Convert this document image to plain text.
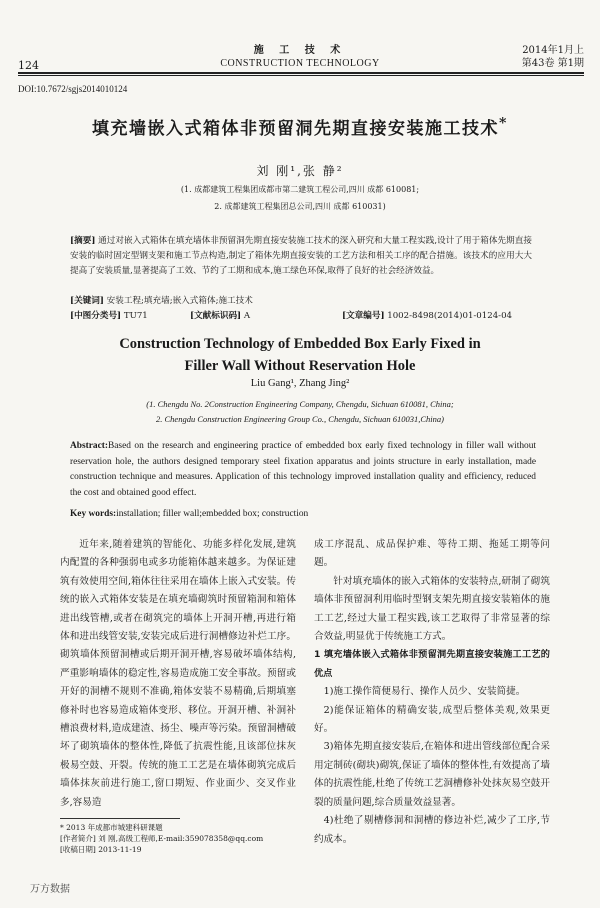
124
施 工 技 术
CONSTRUCTION TECHNOLOGY
2014年1月上
第43卷 第1期
DOI:10.7672/sgjs2014010124
填充墙嵌入式箱体非预留洞先期直接安装施工技术*
刘 刚¹,张 静²
(1. 成都建筑工程集团成都市第二建筑工程公司,四川 成都 610081;
2. 成都建筑工程集团总公司,四川 成都 610031)
[摘要] 通过对嵌入式箱体在填充墙体非预留洞先期直接安装施工技术的深入研究和大量工程实践,设计了用于箱体先期直接安装的临时固定型钢支架和施工节点构造,制定了箱体先期直接安装的工艺方法和相关工序的配合措施。该技术的应用大大提高了安装质量,显著提高了工效、节约了工期和成本,施工绿色环保,取得了良好的社会经济效益。
[关键词] 安装工程;填充墙;嵌入式箱体;施工技术
[中图分类号] TU71	[文献标识码] A	[文章编号] 1002-8498(2014)01-0124-04
Construction Technology of Embedded Box Early Fixed in
Filler Wall Without Reservation Hole
Liu Gang¹, Zhang Jing²
(1. Chengdu No. 2Construction Engineering Company, Chengdu, Sichuan 610081, China;
2. Chengdu Construction Engineering Group Co., Chengdu, Sichuan 610031,China)
Abstract:Based on the research and engineering practice of embedded box early fixed technology in filler wall without reservation hole, the authors designed temporary steel fixation apparatus and joints structure in early installation, made construction technique and measures. Application of this technology improved installation quality and efficiency, reduced the cost and obtained good effect.
Key words:installation; filler wall;embedded box; construction

近年来,随着建筑的智能化、功能多样化发展,建筑内配置的各种强弱电或多功能箱体越来越多。为保证建筑有效使用空间,箱体往往采用在墙体上嵌入式安装。传统的嵌入式箱体安装是在填充墙砌筑时预留箱洞和箱体进出线管槽,或者在砌筑完的墙体上开洞开槽,再进行箱体和进出线管安装,安装完成后进行洞槽修边补烂工序。砌筑墙体预留洞槽或后期开洞开槽,容易破坏墙体结构,严重影响墙体的稳定性,容易造成施工安全事故。预留或开好的洞槽不规则不准确,箱体安装不易精确,后期填塞修补时也容易造成箱体变形、移位。开洞开槽、补洞补槽浪费材料,造成建渣、扬尘、噪声等污染。预留洞槽破坏了砌筑墙体的整体性,降低了抗震性能,且该部位抹灰极易空鼓、开裂。传统的施工工艺是在墙体砌筑完成后墙体抹灰前进行施工,窗口期短、作业面少、交叉作业多,容易造

成工序混乱、成品保护难、等待工期、拖延工期等问题。

针对填充墙体的嵌入式箱体的安装特点,研制了砌筑墙体非预留洞利用临时型钢支架先期直接安装箱体的施工工艺,经过大量工程实践,该工艺取得了非常显著的综合效益,明显优于传统施工方式。

1 填充墙体嵌入式箱体非预留洞先期直接安装施工工艺的优点

1)施工操作简便易行、操作人员少、安装简捷。

2)能保证箱体的精确安装,成型后整体美观,效果更好。

3)箱体先期直接安装后,在箱体和进出管线部位配合采用定制砖(砌块)砌筑,保证了墙体的整体性,有效提高了墙体的抗震性能,杜绝了传统工艺洞槽修补处抹灰易空鼓开裂的质量问题,综合质量效益显著。

4)杜绝了剔槽修洞和洞槽的修边补烂,减少了工序,节约成本。

* 2013 年成都市城建科研课题
[作者简介] 刘 刚,高级工程师,E-mail:359078358@qq.com
[收稿日期] 2013-11-19
万方数据
